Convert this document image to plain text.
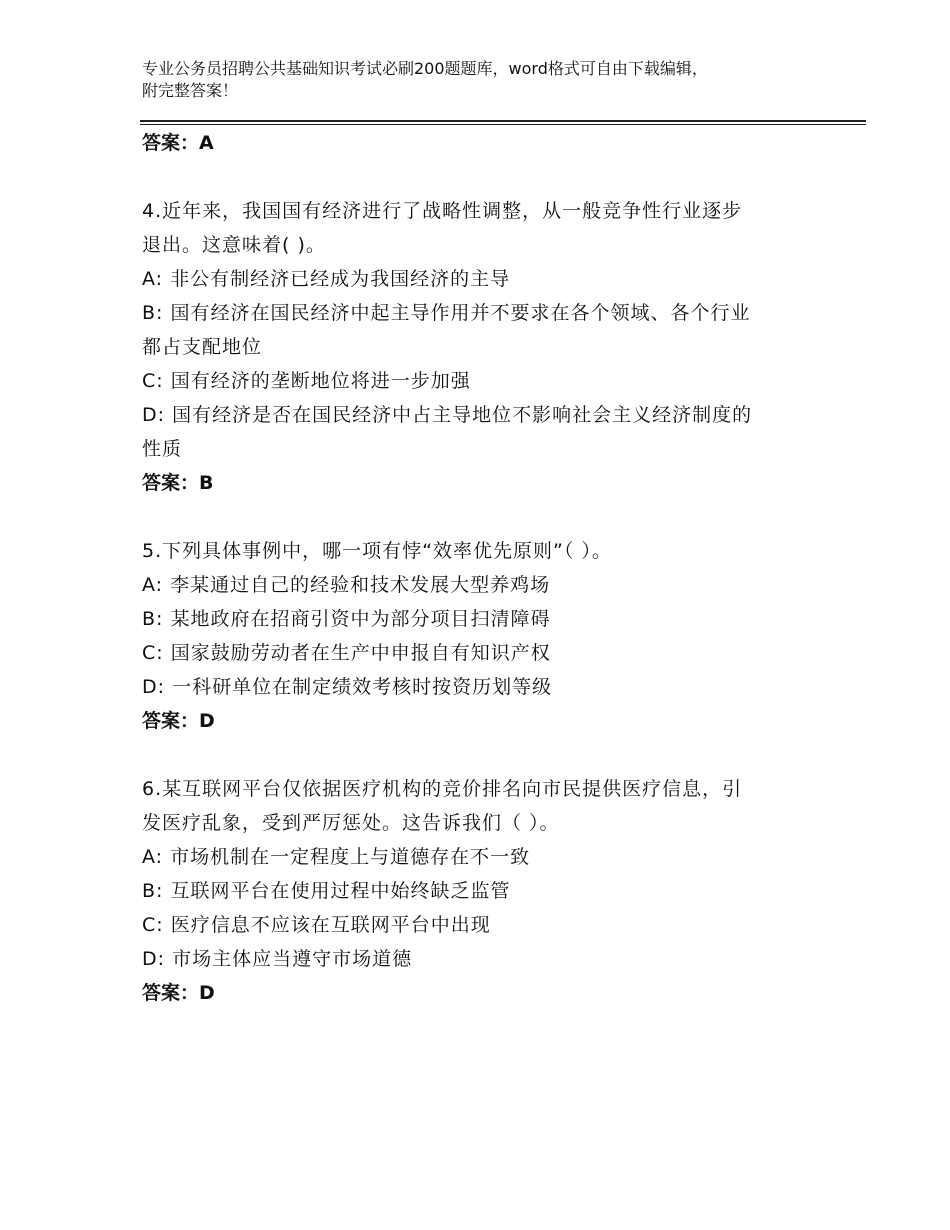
专业公务员招聘公共基础知识考试必刷200题题库，word格式可自由下载编辑，
附完整答案！
答案：A
4.近年来，我国国有经济进行了战略性调整，从一般竞争性行业逐步
退出。这意味着( )。
A: 非公有制经济已经成为我国经济的主导
B: 国有经济在国民经济中起主导作用并不要求在各个领域、各个行业
都占支配地位
C: 国有经济的垄断地位将进一步加强
D: 国有经济是否在国民经济中占主导地位不影响社会主义经济制度的
性质
答案：B
5.下列具体事例中，哪一项有悖“效率优先原则”（ ）。
A: 李某通过自己的经验和技术发展大型养鸡场
B: 某地政府在招商引资中为部分项目扫清障碍
C: 国家鼓励劳动者在生产中申报自有知识产权
D: 一科研单位在制定绩效考核时按资历划等级
答案：D
6.某互联网平台仅依据医疗机构的竞价排名向市民提供医疗信息，引
发医疗乱象，受到严厉惩处。这告诉我们（ ）。
A: 市场机制在一定程度上与道德存在不一致
B: 互联网平台在使用过程中始终缺乏监管
C: 医疗信息不应该在互联网平台中出现
D: 市场主体应当遵守市场道德
答案：D
